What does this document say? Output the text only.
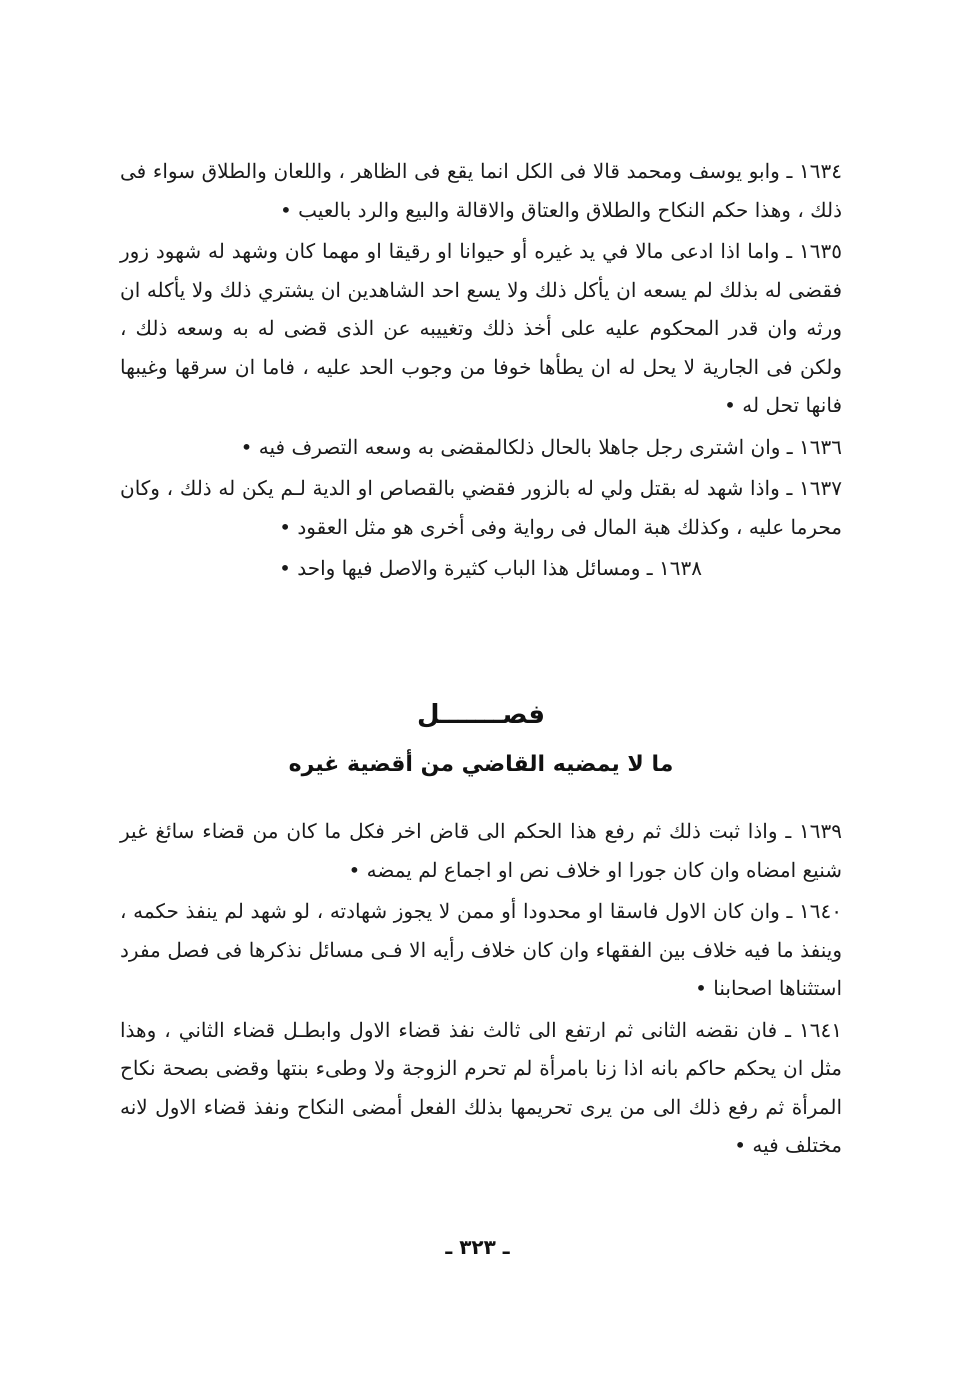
١٦٣٤ ـ وابو يوسف ومحمد قالا فى الكل انما يقع فى الظاهر ، واللعان والطلاق سواء فى ذلك ، وهذا حكم النكاح والطلاق والعتاق والاقالة والبيع والرد بالعيب •

١٦٣٥ ـ واما اذا ادعى مالا في يد غيره أو حيوانا او رقيقا او مهما كان وشهد له شهود زور فقضى له بذلك لم يسعه ان يأكل ذلك ولا يسع احد الشاهدين ان يشتري ذلك ولا يأكله ان ورثه وان قدر المحكوم عليه على أخذ ذلك وتغييبه عن الذى قضى له به وسعه ذلك ، ولكن فى الجارية لا يحل له ان يطأها خوفا من وجوب الحد عليه ، فاما ان سرقها وغيبها فانها تحل له •

١٦٣٦ ـ وان اشترى رجل جاهلا بالحال ذلكالمقضى به وسعه التصرف فيه •

١٦٣٧ ـ واذا شهد له بقتل ولي له بالزور فقضي بالقصاص او الدية لـم يكن له ذلك ، وكان محرما عليه ، وكذلك هبة المال فى رواية وفى أخرى هو مثل العقود •

١٦٣٨ ـ ومسائل هذا الباب كثيرة والاصل فيها واحد •

فصـــــــل
ما لا يمضيه القاضي من أقضية غيره

١٦٣٩ ـ واذا ثبت ذلك ثم رفع هذا الحكم الى قاض اخر فكل ما كان من قضاء سائغ غير شنيع امضاه وان كان جورا او خلاف نص او اجماع لم يمضه •

١٦٤٠ ـ وان كان الاول فاسقا او محدودا أو ممن لا يجوز شهادته ، لو شهد لم ينفذ حكمه ، وينفذ ما فيه خلاف بين الفقهاء وان كان خلاف رأيه الا فـى مسائل نذكرها فى فصل مفرد استثناها اصحابنا •

١٦٤١ ـ فان نقضه الثانى ثم ارتفع الى ثالث نفذ قضاء الاول وابطـل قضاء الثاني ، وهذا مثل ان يحكم حاكم بانه اذا زنا بامرأة لم تحرم الزوجة ولا وطىء بنتها وقضى بصحة نكاح المرأة ثم رفع ذلك الى من يرى تحريمها بذلك الفعل أمضى النكاح ونفذ قضاء الاول لانه مختلف فيه •

ـ ٣٢٣ ـ
